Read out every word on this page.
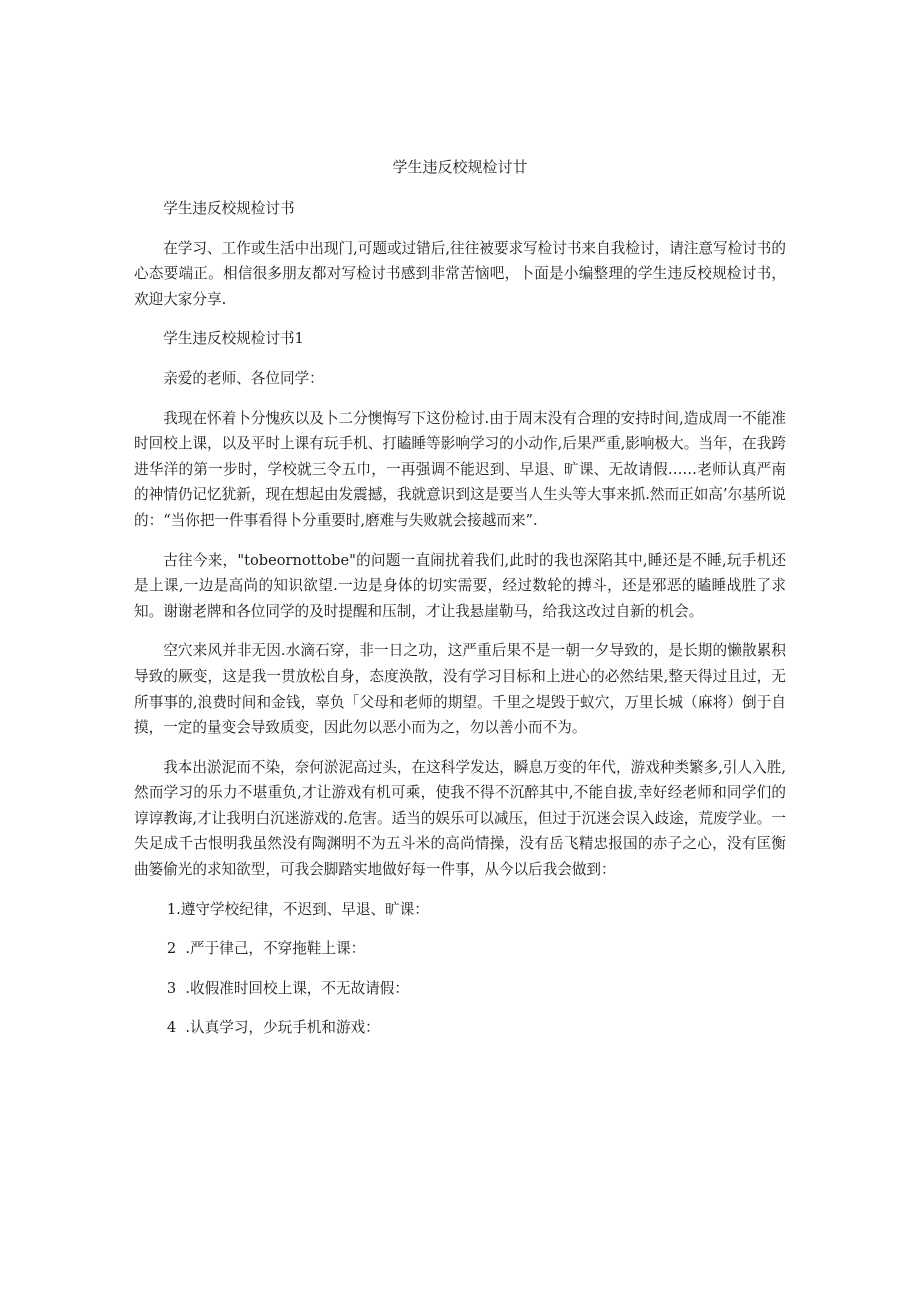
学生违反校规检讨廿

学生违反校规检讨书

在学习、工作或生活中出现门,可题或过错后,往往被要求写检讨书来自我检讨，请注意写检讨书的心态要端正。相信很多朋友都对写检讨书感到非常苦恼吧，卜面是小编整理的学生违反校规检讨书，欢迎大家分享.

学生违反校规检讨书1

亲爱的老师、各位同学：

我现在怀着卜分愧疚以及卜二分懊悔写下这份检讨.由于周末没有合理的安持时间,造成周一不能准时回校上课，以及平时上课有玩手机、打瞌睡等影响学习的小动作,后果严重,影响极大。当年，在我跨进华洋的第一步时，学校就三令五巾，一再强调不能迟到、早退、旷课、无故请假……老师认真严南的神情仍记忆犹新，现在想起由发震撼，我就意识到这是要当人生头等大事来抓.然而正如高’尔基所说的：“当你把一件事看得卜分重要时,磨难与失败就会接越而来”.

古往今来，"tobeornottobe"的问题一直闹扰着我们,此时的我也深陷其中,睡还是不睡,玩手机还是上课,一边是高尚的知识欲望.一边是身体的切实需要，经过数轮的搏斗，还是邪恶的瞌睡战胜了求知。谢谢老牌和各位同学的及时提醒和压制，才让我悬崖勒马，给我这改过自新的机会。

空穴来风并非无因.水滴石穿，非一日之功，这严重后果不是一朝一夕导致的，是长期的懒散累积导致的厥变，这是我一贯放松自身，态度涣散，没有学习目标和上进心的必然结果,整天得过且过，无所事事的,浪费时间和金钱，辜负「父母和老师的期望。千里之堤毁于蚁穴，万里长城（麻将）倒于自摸，一定的量变会导致质变，因此勿以恶小而为之，勿以善小而不为。

我本出淤泥而不染，奈何淤泥高过头，在这科学发达，瞬息万变的年代，游戏种类繁多,引人入胜,然而学习的乐力不堪重负,才让游戏有机可乘，使我不得不沉醉其中,不能自拔,幸好经老师和同学们的谆谆教诲,才让我明白沉迷游戏的.危害。适当的娱乐可以减压，但过于沉迷会误入歧途，荒废学业。一失足成千古恨明我虽然没有陶渊明不为五斗米的高尚情操，没有岳飞精忠报国的赤子之心，没有匡衡曲篓偷光的求知欲型，可我会脚踏实地做好每一件事，从今以后我会做到：

1.遵守学校纪律，不迟到、早退、旷课：

2  .严于律己，不穿拖鞋上课：

3  .收假准时回校上课，不无故请假：

4  .认真学习，少玩手机和游戏：
